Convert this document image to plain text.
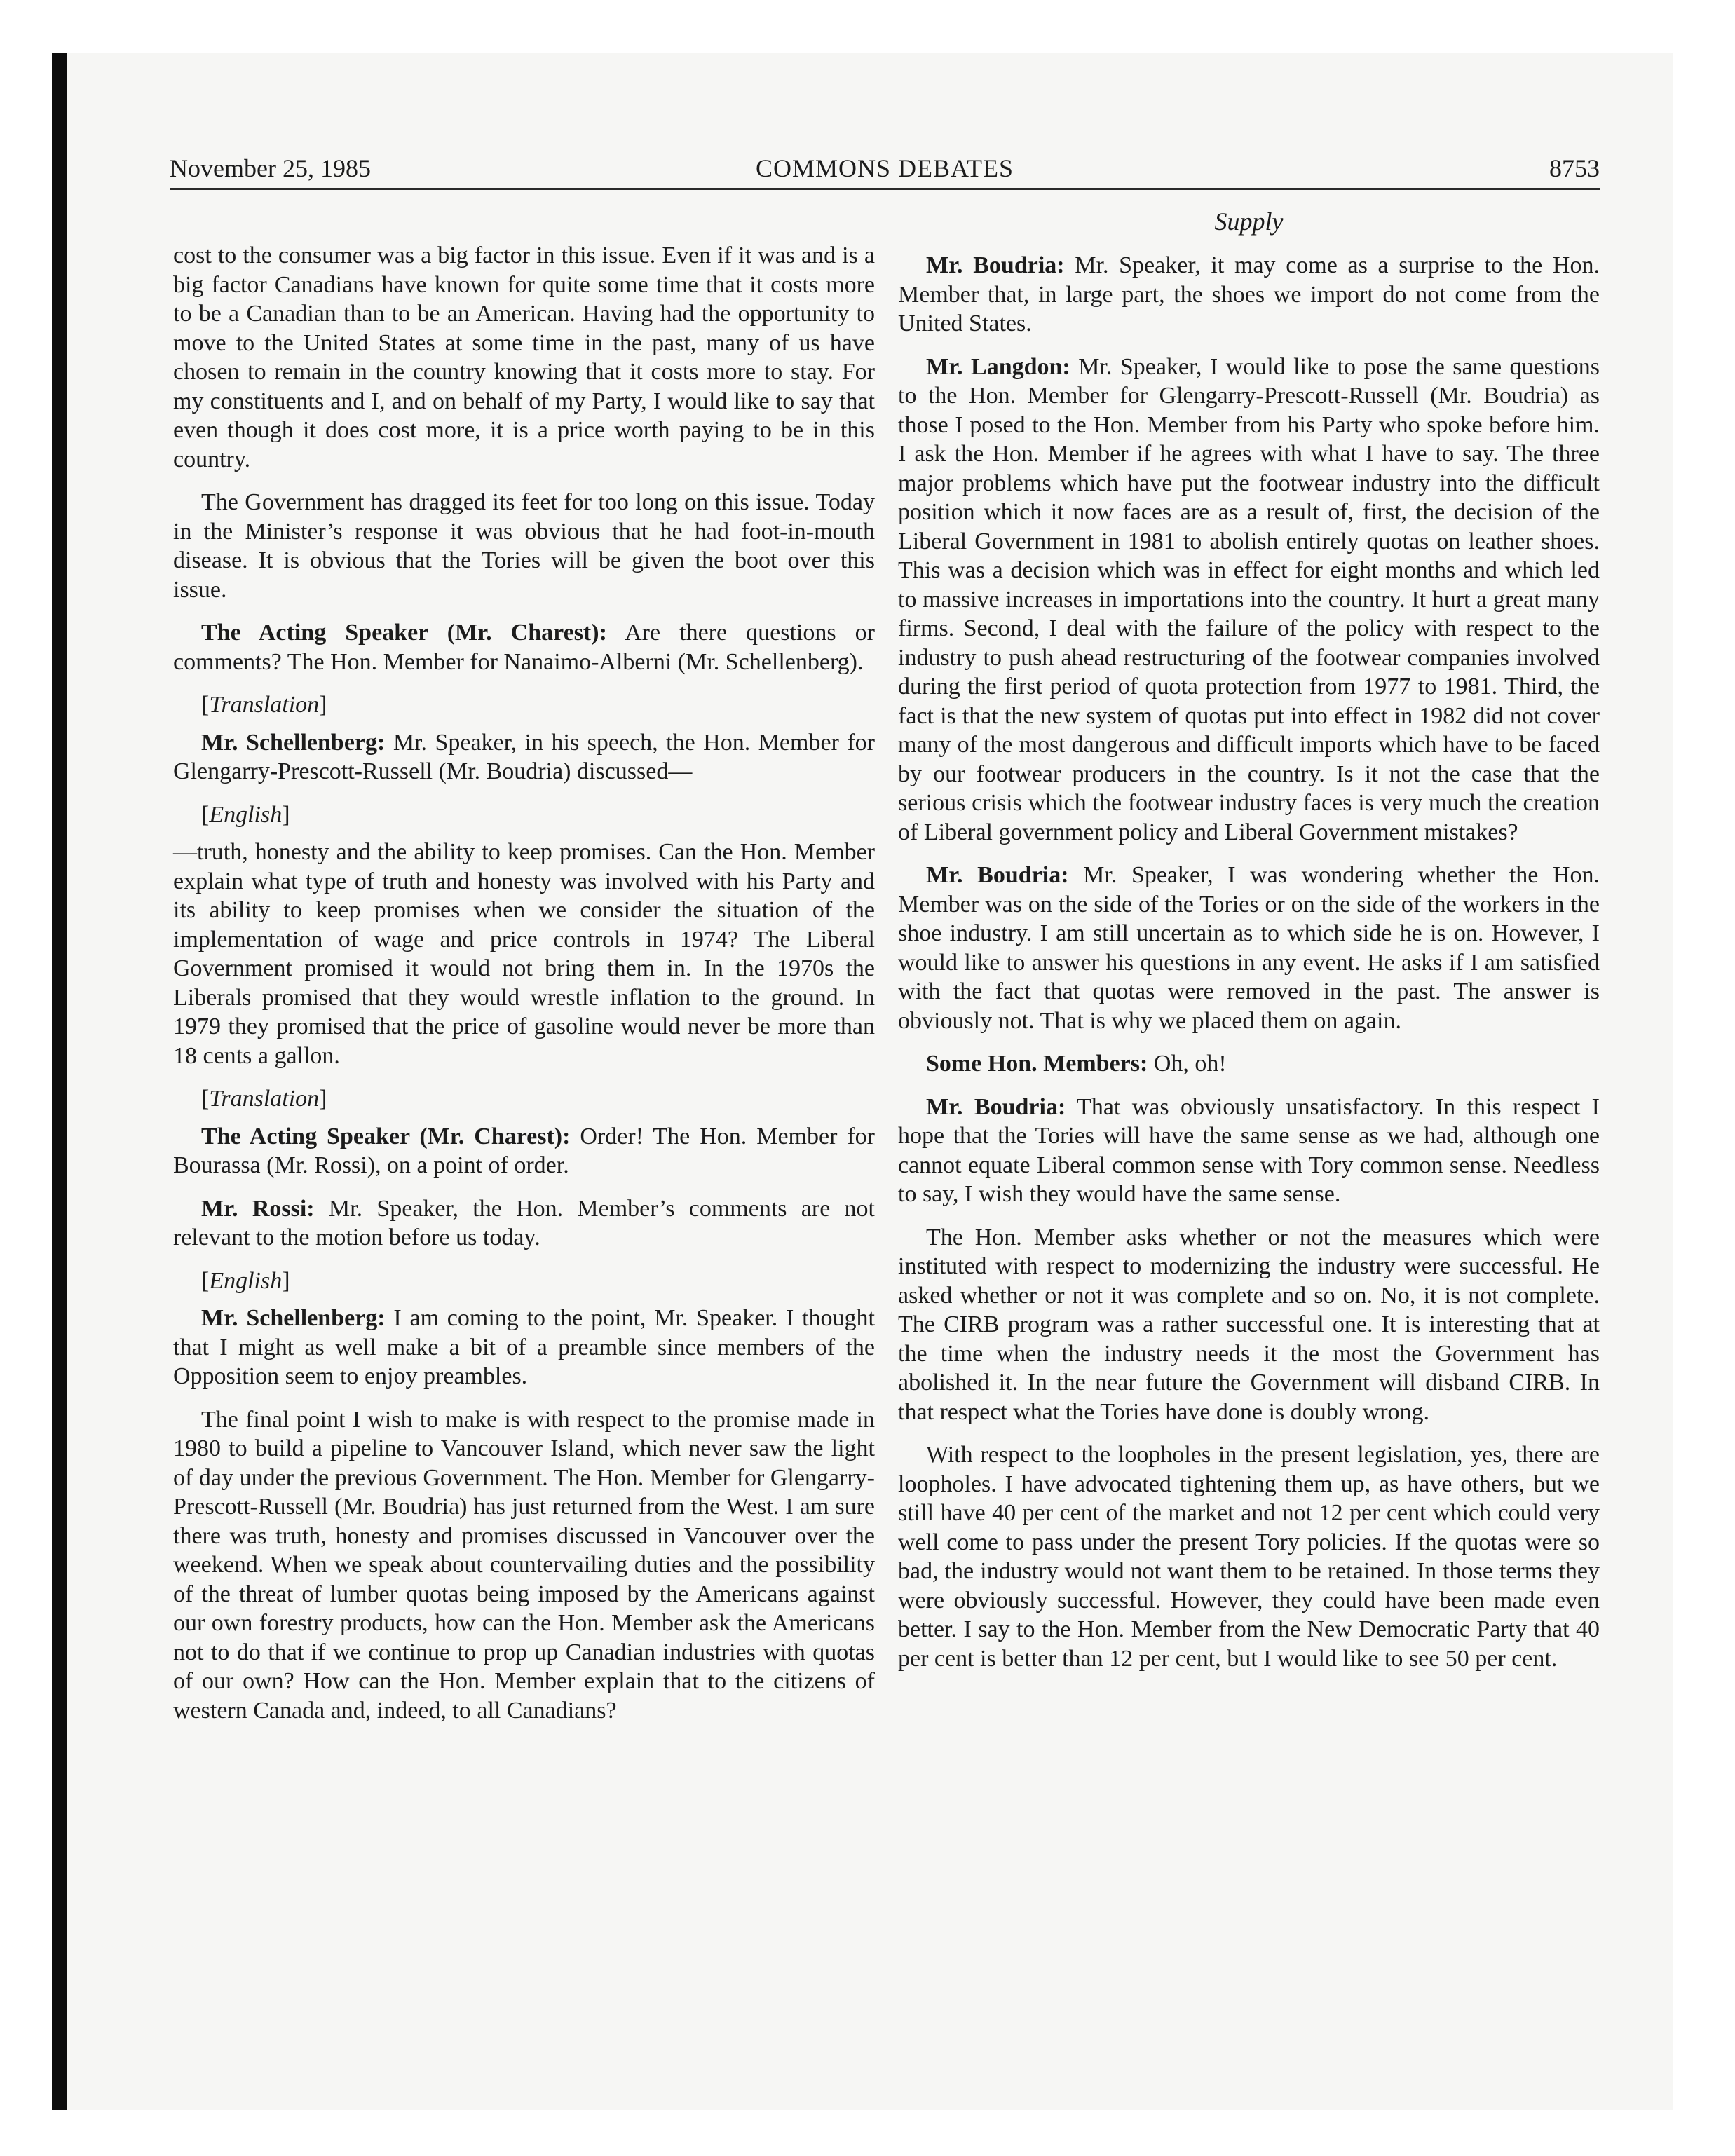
November 25, 1985	COMMONS DEBATES	8753

cost to the consumer was a big factor in this issue. Even if it was and is a big factor Canadians have known for quite some time that it costs more to be a Canadian than to be an American. Having had the opportunity to move to the United States at some time in the past, many of us have chosen to remain in the country knowing that it costs more to stay. For my constituents and I, and on behalf of my Party, I would like to say that even though it does cost more, it is a price worth paying to be in this country.

The Government has dragged its feet for too long on this issue. Today in the Minister’s response it was obvious that he had foot-in-mouth disease. It is obvious that the Tories will be given the boot over this issue.

The Acting Speaker (Mr. Charest): Are there questions or comments? The Hon. Member for Nanaimo-Alberni (Mr. Schellenberg).

[Translation]

Mr. Schellenberg: Mr. Speaker, in his speech, the Hon. Member for Glengarry-Prescott-Russell (Mr. Boudria) discussed—

[English]

—truth, honesty and the ability to keep promises. Can the Hon. Member explain what type of truth and honesty was involved with his Party and its ability to keep promises when we consider the situation of the implementation of wage and price controls in 1974? The Liberal Government promised it would not bring them in. In the 1970s the Liberals promised that they would wrestle inflation to the ground. In 1979 they promised that the price of gasoline would never be more than 18 cents a gallon.

[Translation]

The Acting Speaker (Mr. Charest): Order! The Hon. Member for Bourassa (Mr. Rossi), on a point of order.

Mr. Rossi: Mr. Speaker, the Hon. Member’s comments are not relevant to the motion before us today.

[English]

Mr. Schellenberg: I am coming to the point, Mr. Speaker. I thought that I might as well make a bit of a preamble since members of the Opposition seem to enjoy preambles.

The final point I wish to make is with respect to the promise made in 1980 to build a pipeline to Vancouver Island, which never saw the light of day under the previous Government. The Hon. Member for Glengarry-Prescott-Russell (Mr. Boudria) has just returned from the West. I am sure there was truth, honesty and promises discussed in Vancouver over the weekend. When we speak about countervailing duties and the possibility of the threat of lumber quotas being imposed by the Americans against our own forestry products, how can the Hon. Member ask the Americans not to do that if we continue to prop up Canadian industries with quotas of our own? How can the Hon. Member explain that to the citizens of western Canada and, indeed, to all Canadians?

Supply

Mr. Boudria: Mr. Speaker, it may come as a surprise to the Hon. Member that, in large part, the shoes we import do not come from the United States.

Mr. Langdon: Mr. Speaker, I would like to pose the same questions to the Hon. Member for Glengarry-Prescott-Russell (Mr. Boudria) as those I posed to the Hon. Member from his Party who spoke before him. I ask the Hon. Member if he agrees with what I have to say. The three major problems which have put the footwear industry into the difficult position which it now faces are as a result of, first, the decision of the Liberal Government in 1981 to abolish entirely quotas on leather shoes. This was a decision which was in effect for eight months and which led to massive increases in importations into the country. It hurt a great many firms. Second, I deal with the failure of the policy with respect to the industry to push ahead restructuring of the footwear companies involved during the first period of quota protection from 1977 to 1981. Third, the fact is that the new system of quotas put into effect in 1982 did not cover many of the most dangerous and difficult imports which have to be faced by our footwear producers in the country. Is it not the case that the serious crisis which the footwear industry faces is very much the creation of Liberal government policy and Liberal Government mistakes?

Mr. Boudria: Mr. Speaker, I was wondering whether the Hon. Member was on the side of the Tories or on the side of the workers in the shoe industry. I am still uncertain as to which side he is on. However, I would like to answer his questions in any event. He asks if I am satisfied with the fact that quotas were removed in the past. The answer is obviously not. That is why we placed them on again.

Some Hon. Members: Oh, oh!

Mr. Boudria: That was obviously unsatisfactory. In this respect I hope that the Tories will have the same sense as we had, although one cannot equate Liberal common sense with Tory common sense. Needless to say, I wish they would have the same sense.

The Hon. Member asks whether or not the measures which were instituted with respect to modernizing the industry were successful. He asked whether or not it was complete and so on. No, it is not complete. The CIRB program was a rather successful one. It is interesting that at the time when the industry needs it the most the Government has abolished it. In the near future the Government will disband CIRB. In that respect what the Tories have done is doubly wrong.

With respect to the loopholes in the present legislation, yes, there are loopholes. I have advocated tightening them up, as have others, but we still have 40 per cent of the market and not 12 per cent which could very well come to pass under the present Tory policies. If the quotas were so bad, the industry would not want them to be retained. In those terms they were obviously successful. However, they could have been made even better. I say to the Hon. Member from the New Democratic Party that 40 per cent is better than 12 per cent, but I would like to see 50 per cent.
